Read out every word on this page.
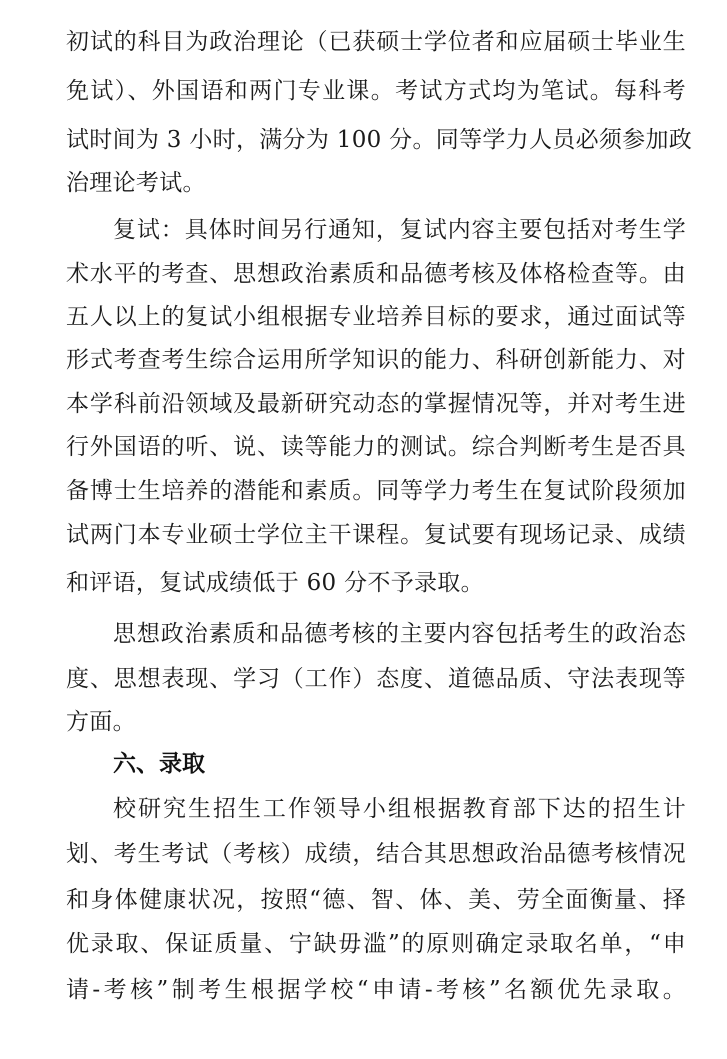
初试的科目为政治理论（已获硕士学位者和应届硕士毕业生
免试）、外国语和两门专业课。考试方式均为笔试。每科考
试时间为 3 小时，满分为 100 分。同等学力人员必须参加政
治理论考试。
复试：具体时间另行通知，复试内容主要包括对考生学
术水平的考查、思想政治素质和品德考核及体格检查等。由
五人以上的复试小组根据专业培养目标的要求，通过面试等
形式考查考生综合运用所学知识的能力、科研创新能力、对
本学科前沿领域及最新研究动态的掌握情况等，并对考生进
行外国语的听、说、读等能力的测试。综合判断考生是否具
备博士生培养的潜能和素质。同等学力考生在复试阶段须加
试两门本专业硕士学位主干课程。复试要有现场记录、成绩
和评语，复试成绩低于 60 分不予录取。
思想政治素质和品德考核的主要内容包括考生的政治态
度、思想表现、学习（工作）态度、道德品质、守法表现等
方面。
六、录取
校研究生招生工作领导小组根据教育部下达的招生计
划、考生考试（考核）成绩，结合其思想政治品德考核情况
和身体健康状况，按照“德、智、体、美、劳全面衡量、择
优录取、保证质量、宁缺毋滥”的原则确定录取名单，“申
请-考核”制考生根据学校“申请-考核”名额优先录取。
